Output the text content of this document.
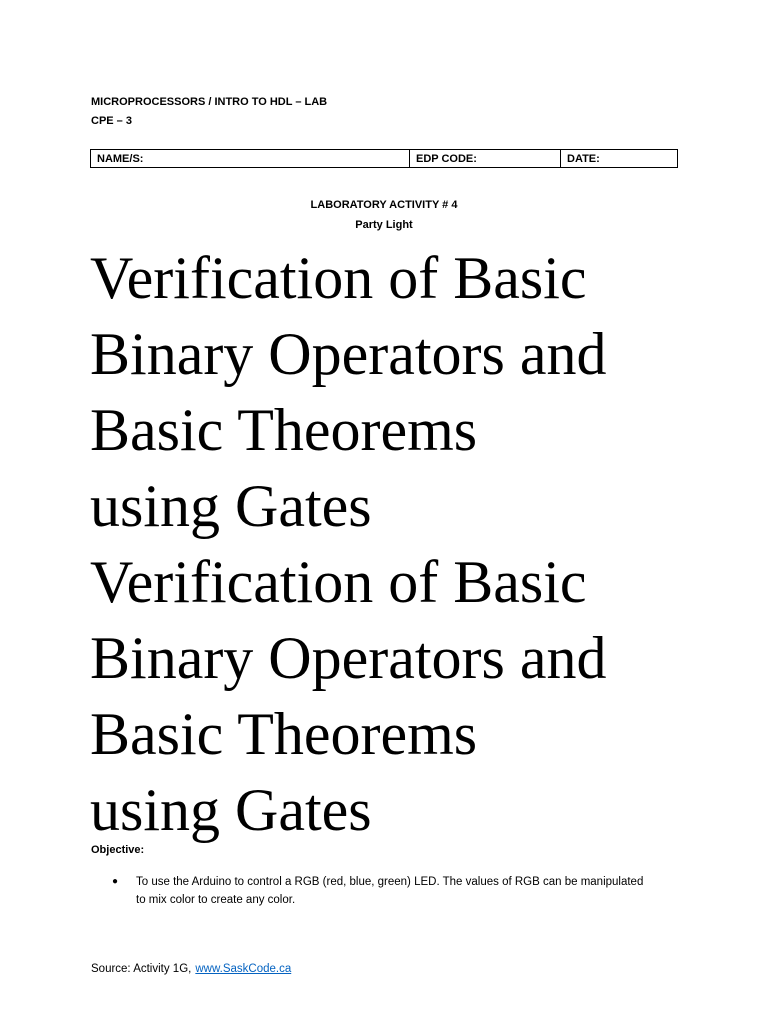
MICROPROCESSORS / INTRO TO HDL – LAB
CPE – 3
NAME/S:	EDP CODE:	DATE:
LABORATORY ACTIVITY # 4
Party Light
Verification of Basic
Binary Operators and
Basic Theorems
using Gates
Verification of Basic
Binary Operators and
Basic Theorems
using Gates
Objective:
● To use the Arduino to control a RGB (red, blue, green) LED. The values of RGB can be manipulated to mix color to create any color.
Source: Activity 1G, www.SaskCode.ca
